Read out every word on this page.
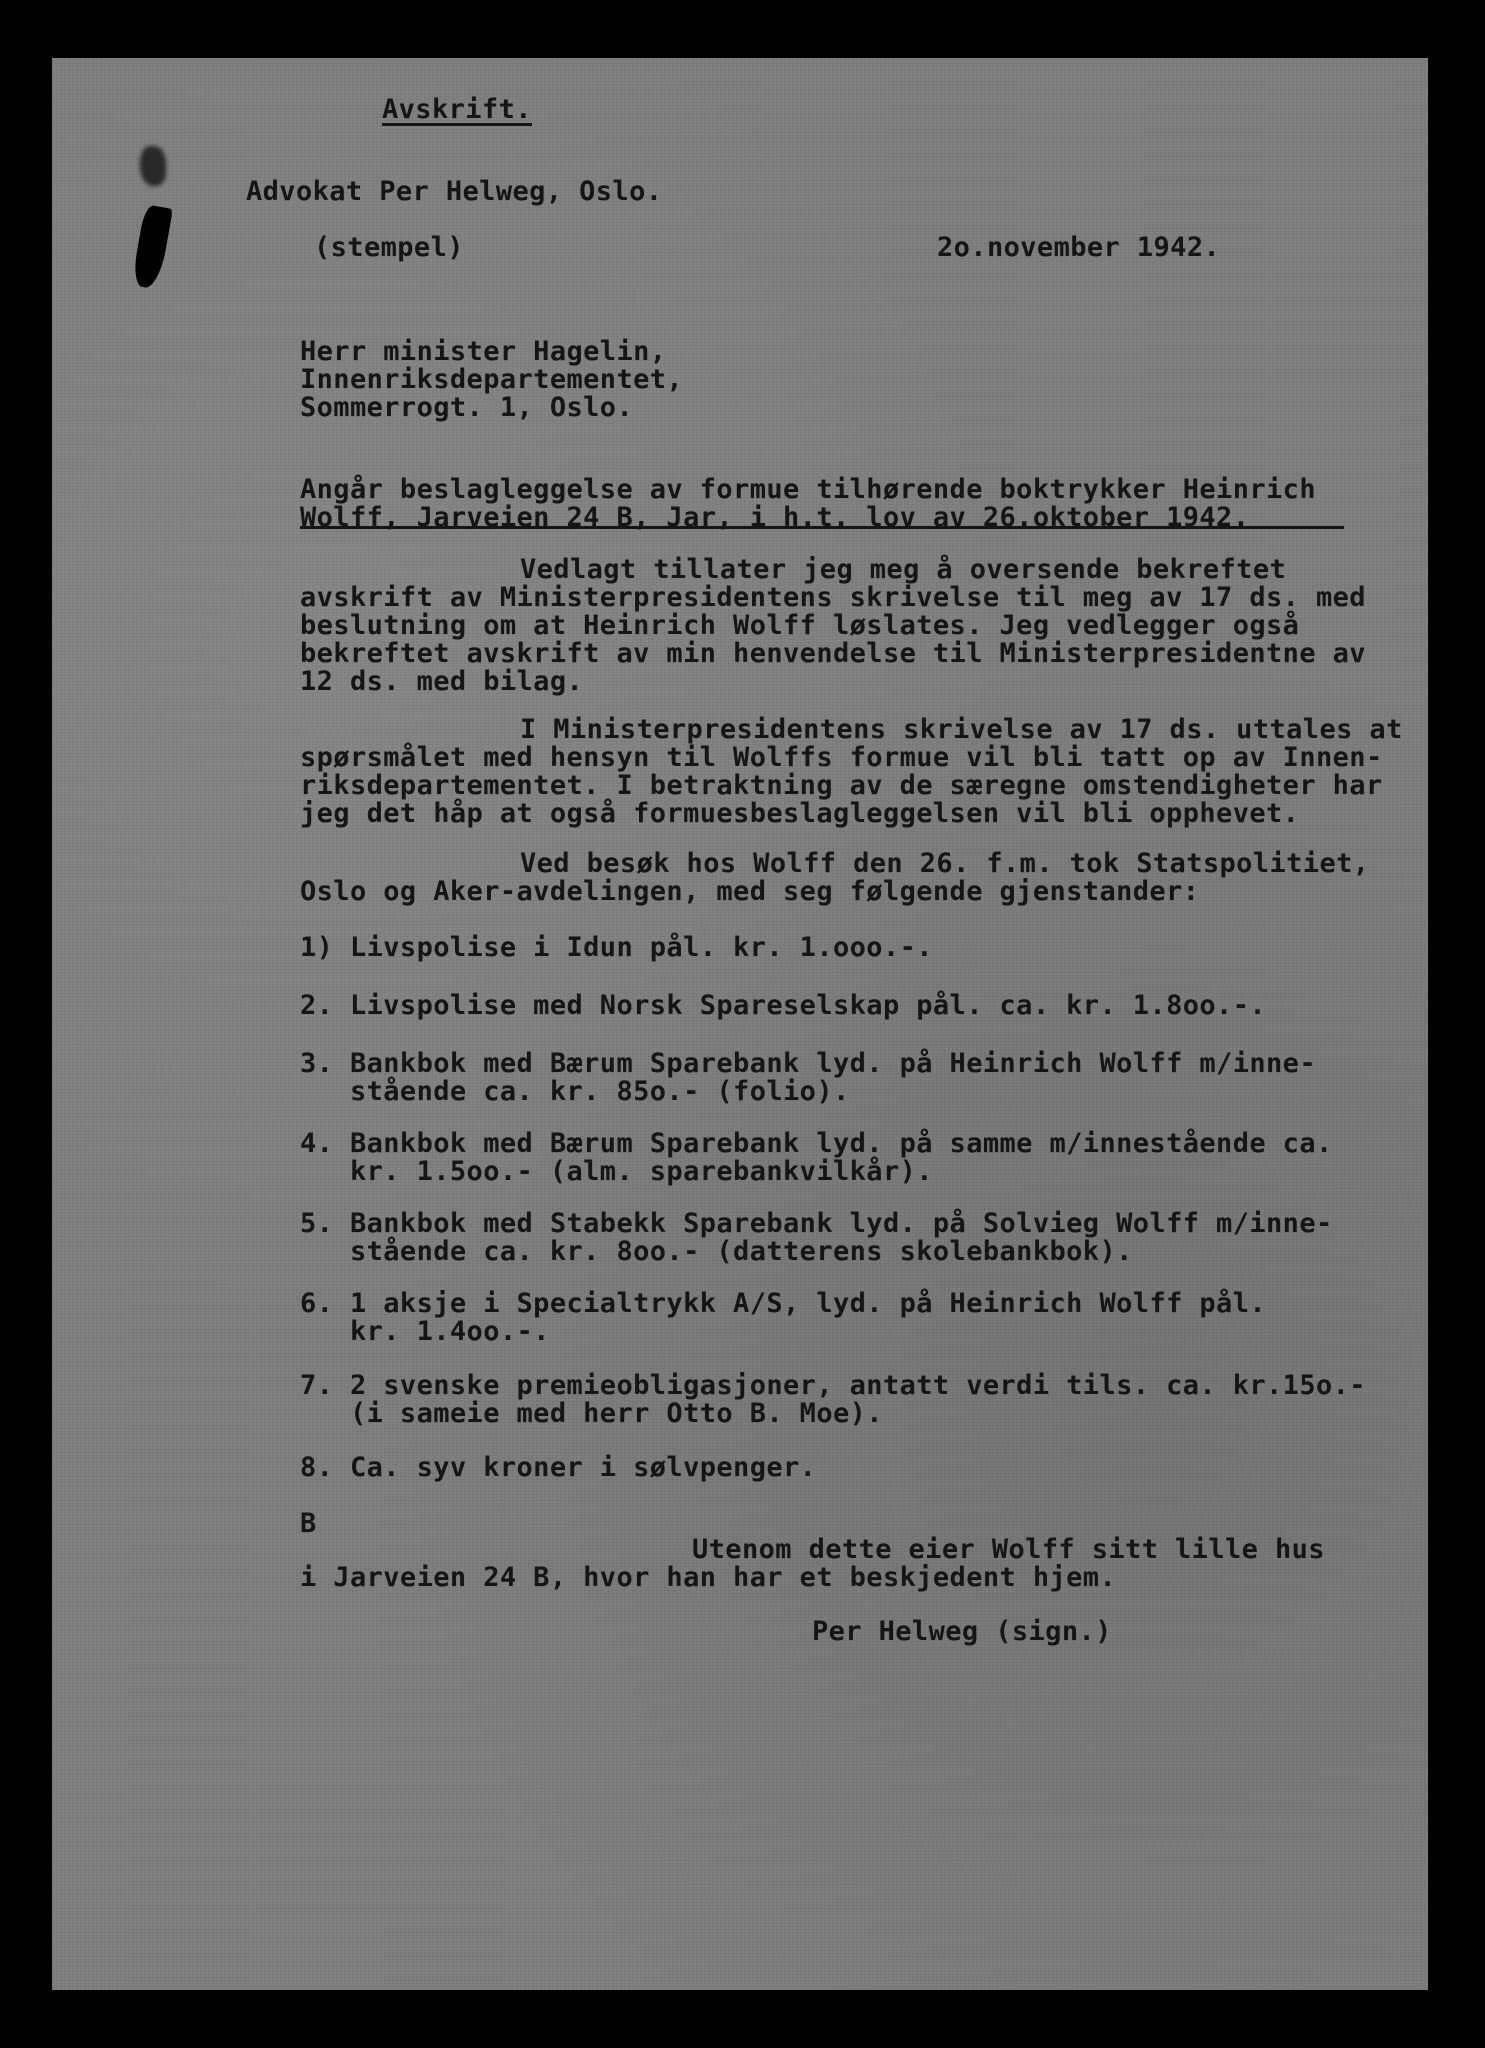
Avskrift.
Advokat Per Helweg, Oslo.
(stempel)	2o.november 1942.
Herr minister Hagelin,
Innenriksdepartementet,
Sommerrogt. 1, Oslo.
Angår beslagleggelse av formue tilhørende boktrykker Heinrich
Wolff, Jarveien 24 B, Jar, i h.t. lov av 26.oktober 1942.
Vedlagt tillater jeg meg å oversende bekreftet
avskrift av Ministerpresidentens skrivelse til meg av 17 ds. med
beslutning om at Heinrich Wolff løslates. Jeg vedlegger også
bekreftet avskrift av min henvendelse til Ministerpresidentne av
12 ds. med bilag.
I Ministerpresidentens skrivelse av 17 ds. uttales at
spørsmålet med hensyn til Wolffs formue vil bli tatt op av Innen-
riksdepartementet. I betraktning av de særegne omstendigheter har
jeg det håp at også formuesbeslagleggelsen vil bli opphevet.
Ved besøk hos Wolff den 26. f.m. tok Statspolitiet,
Oslo og Aker-avdelingen, med seg følgende gjenstander:
1) Livspolise i Idun pål. kr. 1.ooo.-.
2. Livspolise med Norsk Spareselskap pål. ca. kr. 1.8oo.-.
3. Bankbok med Bærum Sparebank lyd. på Heinrich Wolff m/inne-
stående ca. kr. 85o.- (folio).
4. Bankbok med Bærum Sparebank lyd. på samme m/innestående ca.
kr. 1.5oo.- (alm. sparebankvilkår).
5. Bankbok med Stabekk Sparebank lyd. på Solvieg Wolff m/inne-
stående ca. kr. 8oo.- (datterens skolebankbok).
6. 1 aksje i Specialtrykk A/S, lyd. på Heinrich Wolff pål.
kr. 1.4oo.-.
7. 2 svenske premieobligasjoner, antatt verdi tils. ca. kr.15o.-
(i sameie med herr Otto B. Moe).
8. Ca. syv kroner i sølvpenger.
B
Utenom dette eier Wolff sitt lille hus
i Jarveien 24 B, hvor han har et beskjedent hjem.
Per Helweg (sign.)
